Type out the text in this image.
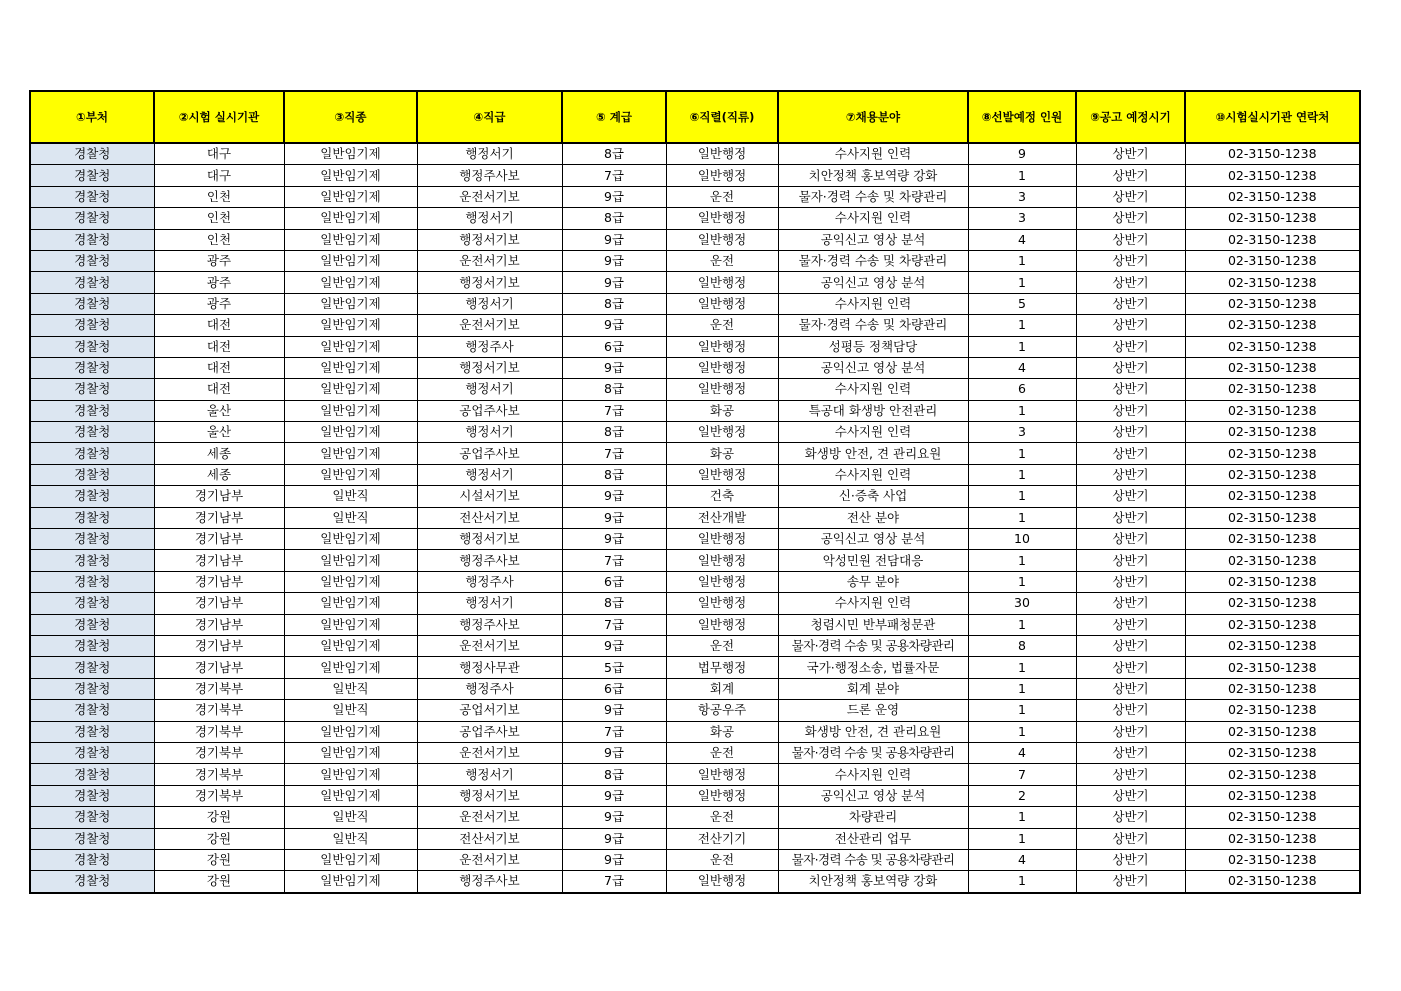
①부처	②시험 실시기관	③직종	④직급	⑤ 계급	⑥직렬(직류)	⑦채용분야	⑧선발예정 인원	⑨공고 예정시기	⑩시험실시기관 연락처
경찰청	대구	일반임기제	행정서기	8급	일반행정	수사지원 인력	9	상반기	02-3150-1238
경찰청	대구	일반임기제	행정주사보	7급	일반행정	치안정책 홍보역량 강화	1	상반기	02-3150-1238
경찰청	인천	일반임기제	운전서기보	9급	운전	물자·경력 수송 및 차량관리	3	상반기	02-3150-1238
경찰청	인천	일반임기제	행정서기	8급	일반행정	수사지원 인력	3	상반기	02-3150-1238
경찰청	인천	일반임기제	행정서기보	9급	일반행정	공익신고 영상 분석	4	상반기	02-3150-1238
경찰청	광주	일반임기제	운전서기보	9급	운전	물자·경력 수송 및 차량관리	1	상반기	02-3150-1238
경찰청	광주	일반임기제	행정서기보	9급	일반행정	공익신고 영상 분석	1	상반기	02-3150-1238
경찰청	광주	일반임기제	행정서기	8급	일반행정	수사지원 인력	5	상반기	02-3150-1238
경찰청	대전	일반임기제	운전서기보	9급	운전	물자·경력 수송 및 차량관리	1	상반기	02-3150-1238
경찰청	대전	일반임기제	행정주사	6급	일반행정	성평등 정책담당	1	상반기	02-3150-1238
경찰청	대전	일반임기제	행정서기보	9급	일반행정	공익신고 영상 분석	4	상반기	02-3150-1238
경찰청	대전	일반임기제	행정서기	8급	일반행정	수사지원 인력	6	상반기	02-3150-1238
경찰청	울산	일반임기제	공업주사보	7급	화공	특공대 화생방 안전관리	1	상반기	02-3150-1238
경찰청	울산	일반임기제	행정서기	8급	일반행정	수사지원 인력	3	상반기	02-3150-1238
경찰청	세종	일반임기제	공업주사보	7급	화공	화생방 안전, 견 관리요원	1	상반기	02-3150-1238
경찰청	세종	일반임기제	행정서기	8급	일반행정	수사지원 인력	1	상반기	02-3150-1238
경찰청	경기남부	일반직	시설서기보	9급	건축	신·증축 사업	1	상반기	02-3150-1238
경찰청	경기남부	일반직	전산서기보	9급	전산개발	전산 분야	1	상반기	02-3150-1238
경찰청	경기남부	일반임기제	행정서기보	9급	일반행정	공익신고 영상 분석	10	상반기	02-3150-1238
경찰청	경기남부	일반임기제	행정주사보	7급	일반행정	악성민원 전담대응	1	상반기	02-3150-1238
경찰청	경기남부	일반임기제	행정주사	6급	일반행정	송무 분야	1	상반기	02-3150-1238
경찰청	경기남부	일반임기제	행정서기	8급	일반행정	수사지원 인력	30	상반기	02-3150-1238
경찰청	경기남부	일반임기제	행정주사보	7급	일반행정	청렴시민 반부패청문관	1	상반기	02-3150-1238
경찰청	경기남부	일반임기제	운전서기보	9급	운전	물자·경력 수송 및 공용차량관리	8	상반기	02-3150-1238
경찰청	경기남부	일반임기제	행정사무관	5급	법무행정	국가·행정소송, 법률자문	1	상반기	02-3150-1238
경찰청	경기북부	일반직	행정주사	6급	회계	회계 분야	1	상반기	02-3150-1238
경찰청	경기북부	일반직	공업서기보	9급	항공우주	드론 운영	1	상반기	02-3150-1238
경찰청	경기북부	일반임기제	공업주사보	7급	화공	화생방 안전, 견 관리요원	1	상반기	02-3150-1238
경찰청	경기북부	일반임기제	운전서기보	9급	운전	물자·경력 수송 및 공용차량관리	4	상반기	02-3150-1238
경찰청	경기북부	일반임기제	행정서기	8급	일반행정	수사지원 인력	7	상반기	02-3150-1238
경찰청	경기북부	일반임기제	행정서기보	9급	일반행정	공익신고 영상 분석	2	상반기	02-3150-1238
경찰청	강원	일반직	운전서기보	9급	운전	차량관리	1	상반기	02-3150-1238
경찰청	강원	일반직	전산서기보	9급	전산기기	전산관리 업무	1	상반기	02-3150-1238
경찰청	강원	일반임기제	운전서기보	9급	운전	물자·경력 수송 및 공용차량관리	4	상반기	02-3150-1238
경찰청	강원	일반임기제	행정주사보	7급	일반행정	치안정책 홍보역량 강화	1	상반기	02-3150-1238
